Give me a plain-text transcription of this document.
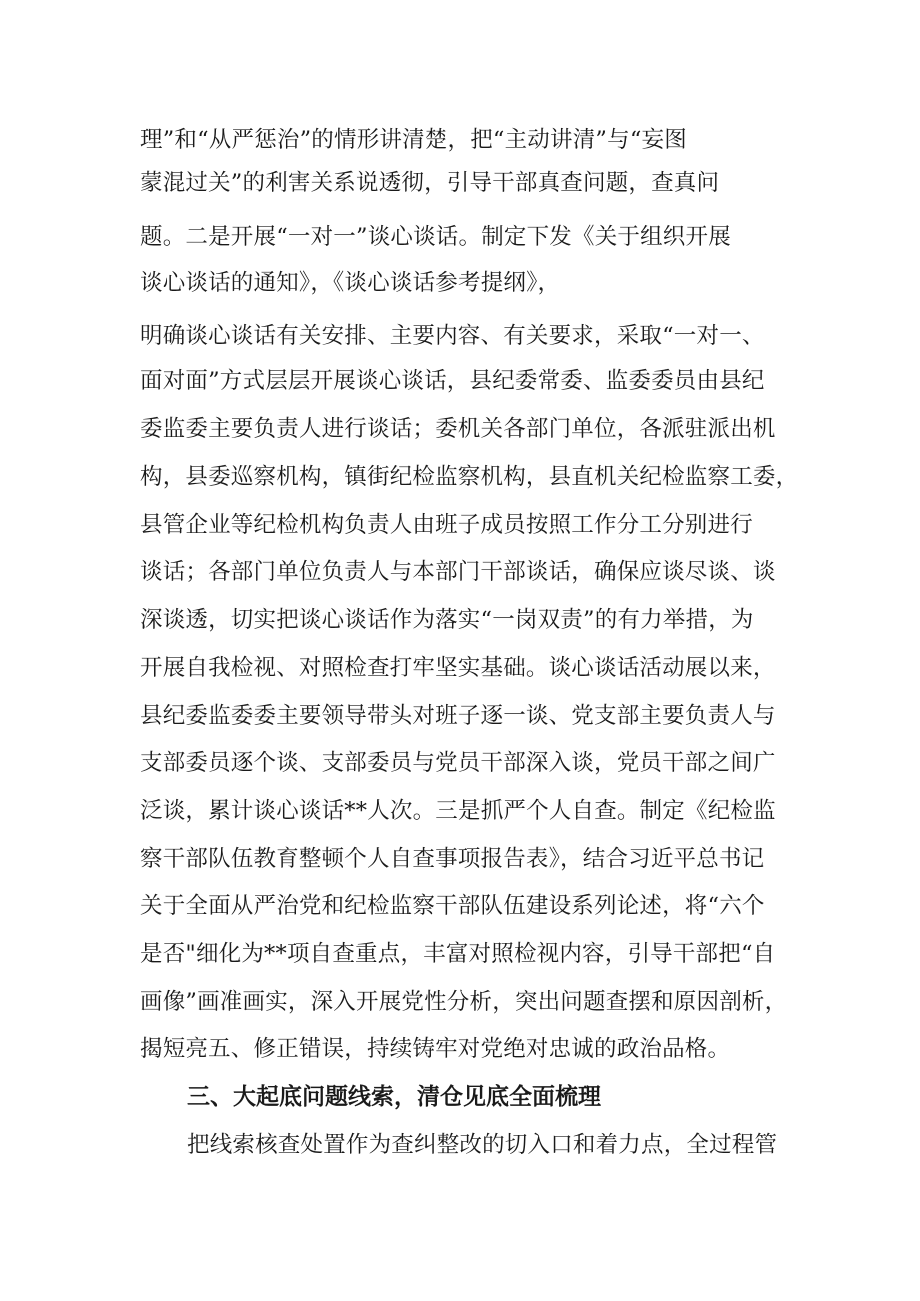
理”和“从严惩治”的情形讲清楚，把“主动讲清”与“妄图
蒙混过关”的利害关系说透彻，引导干部真查问题，查真问
题。二是开展“一对一”谈心谈话。制定下发《关于组织开展
谈心谈话的通知》，《谈心谈话参考提纲》，
明确谈心谈话有关安排、主要内容、有关要求，采取“一对一、
面对面”方式层层开展谈心谈话，县纪委常委、监委委员由县纪
委监委主要负责人进行谈话；委机关各部门单位，各派驻派出机
构，县委巡察机构，镇街纪检监察机构，县直机关纪检监察工委，
县管企业等纪检机构负责人由班子成员按照工作分工分别进行
谈话；各部门单位负责人与本部门干部谈话，确保应谈尽谈、谈
深谈透，切实把谈心谈话作为落实“一岗双责”的有力举措，为
开展自我检视、对照检查打牢坚实基础。谈心谈话活动展以来，
县纪委监委委主要领导带头对班子逐一谈、党支部主要负责人与
支部委员逐个谈、支部委员与党员干部深入谈，党员干部之间广
泛谈，累计谈心谈话**人次。三是抓严个人自查。制定《纪检监
察干部队伍教育整顿个人自查事项报告表》，结合习近平总书记
关于全面从严治党和纪检监察干部队伍建设系列论述，将“六个
是否"细化为**项自查重点，丰富对照检视内容，引导干部把“自
画像”画准画实，深入开展党性分析，突出问题查摆和原因剖析，
揭短亮五、修正错误，持续铸牢对党绝对忠诚的政治品格。
三、大起底问题线索，清仓见底全面梳理
把线索核查处置作为查纠整改的切入口和着力点，全过程管
